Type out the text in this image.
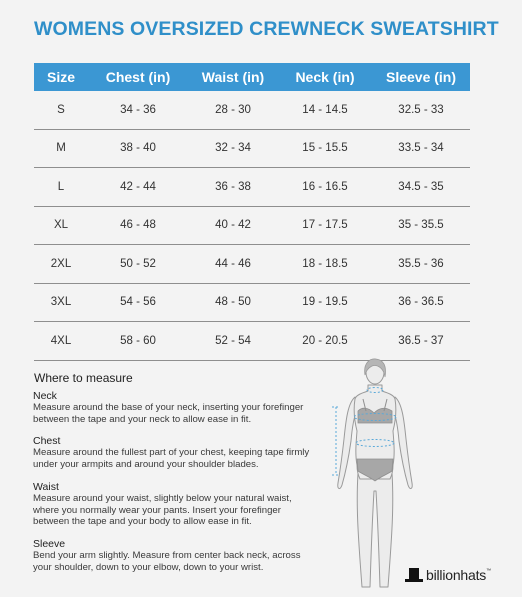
WOMENS OVERSIZED CREWNECK SWEATSHIRT
Size	Chest (in)	Waist (in)	Neck (in)	Sleeve (in)
S	34 - 36	28 - 30	14 - 14.5	32.5 - 33
M	38 - 40	32 - 34	15 - 15.5	33.5 - 34
L	42 - 44	36 - 38	16 - 16.5	34.5 - 35
XL	46 - 48	40 - 42	17 - 17.5	35 - 35.5
2XL	50 - 52	44 - 46	18 - 18.5	35.5 - 36
3XL	54 - 56	48 - 50	19 - 19.5	36 - 36.5
4XL	58 - 60	52 - 54	20 - 20.5	36.5 - 37
Where to measure
Neck
Measure around the base of your neck, inserting your forefinger
between the tape and your neck to allow ease in fit.
Chest
Measure around the fullest part of your chest, keeping tape firmly
under your armpits and around your shoulder blades.
Waist
Measure around your waist, slightly below your natural waist,
where you normally wear your pants. Insert your forefinger
between the tape and your body to allow ease in fit.
Sleeve
Bend your arm slightly. Measure from center back neck, across
your shoulder, down to your elbow, down to your wrist.	billionhats ™
